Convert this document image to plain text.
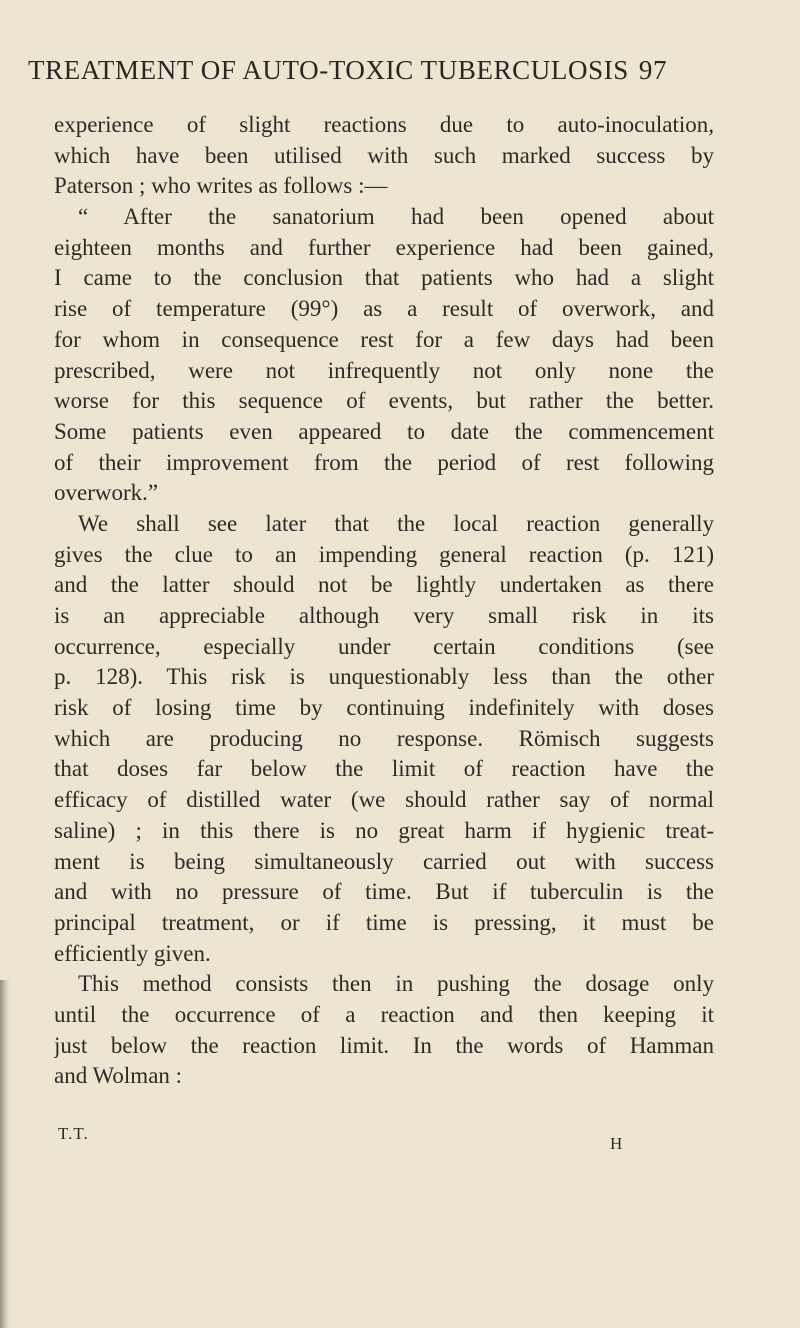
TREATMENT OF AUTO-TOXIC TUBERCULOSIS 97
experience of slight reactions due to auto-inoculation,
which have been utilised with such marked success by
Paterson ; who writes as follows :—
“ After the sanatorium had been opened about
eighteen months and further experience had been gained,
I came to the conclusion that patients who had a slight
rise of temperature (99°) as a result of overwork, and
for whom in consequence rest for a few days had been
prescribed, were not infrequently not only none the
worse for this sequence of events, but rather the better.
Some patients even appeared to date the commencement
of their improvement from the period of rest following
overwork.”
We shall see later that the local reaction generally
gives the clue to an impending general reaction (p. 121)
and the latter should not be lightly undertaken as there
is an appreciable although very small risk in its
occurrence, especially under certain conditions (see
p. 128). This risk is unquestionably less than the other
risk of losing time by continuing indefinitely with doses
which are producing no response. Römisch suggests
that doses far below the limit of reaction have the
efficacy of distilled water (we should rather say of normal
saline) ; in this there is no great harm if hygienic treat-
ment is being simultaneously carried out with success
and with no pressure of time. But if tuberculin is the
principal treatment, or if time is pressing, it must be
efficiently given.
This method consists then in pushing the dosage only
until the occurrence of a reaction and then keeping it
just below the reaction limit. In the words of Hamman
and Wolman :
T.T.
H
